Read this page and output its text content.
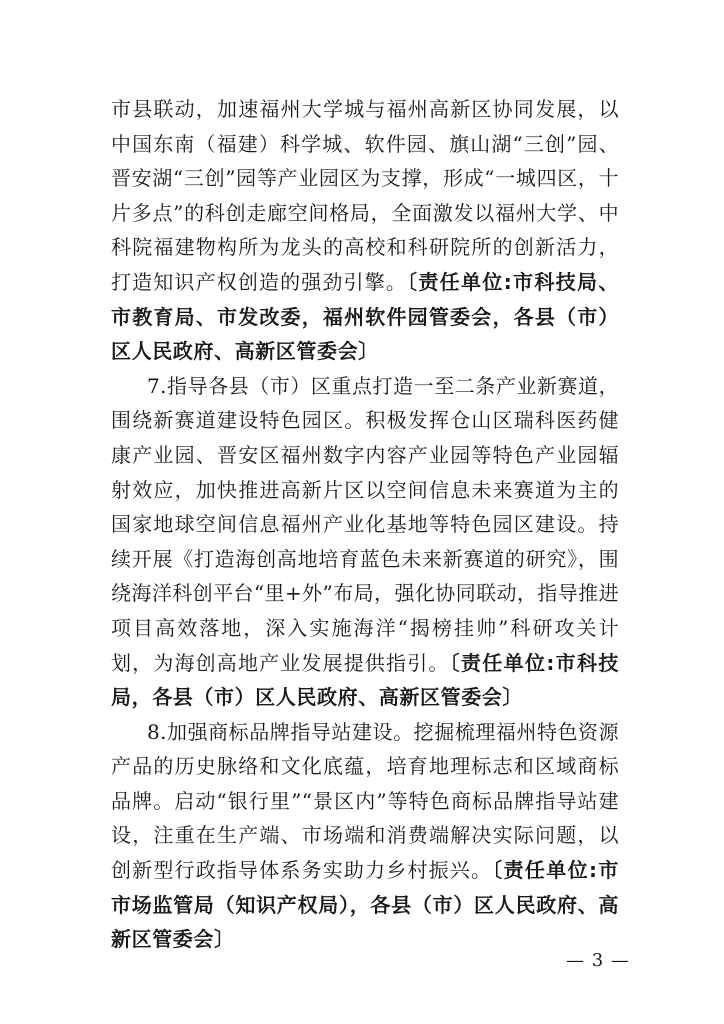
市县联动，加速福州大学城与福州高新区协同发展，以中国东南（福建）科学城、软件园、旗山湖“三创”园、晋安湖“三创”园等产业园区为支撑，形成“一城四区，十片多点”的科创走廊空间格局，全面激发以福州大学、中科院福建物构所为龙头的高校和科研院所的创新活力，打造知识产权创造的强劲引擎。〔责任单位:市科技局、市教育局、市发改委，福州软件园管委会，各县（市）区人民政府、高新区管委会〕

7.指导各县（市）区重点打造一至二条产业新赛道，围绕新赛道建设特色园区。积极发挥仓山区瑞科医药健康产业园、晋安区福州数字内容产业园等特色产业园辐射效应，加快推进高新片区以空间信息未来赛道为主的国家地球空间信息福州产业化基地等特色园区建设。持续开展《打造海创高地培育蓝色未来新赛道的研究》，围绕海洋科创平台“里+外”布局，强化协同联动，指导推进项目高效落地，深入实施海洋“揭榜挂帅”科研攻关计划，为海创高地产业发展提供指引。〔责任单位:市科技局，各县（市）区人民政府、高新区管委会〕

8.加强商标品牌指导站建设。挖掘梳理福州特色资源产品的历史脉络和文化底蕴，培育地理标志和区域商标品牌。启动“银行里”“景区内”等特色商标品牌指导站建设，注重在生产端、市场端和消费端解决实际问题，以创新型行政指导体系务实助力乡村振兴。〔责任单位:市市场监管局（知识产权局），各县（市）区人民政府、高新区管委会〕

— 3 —
